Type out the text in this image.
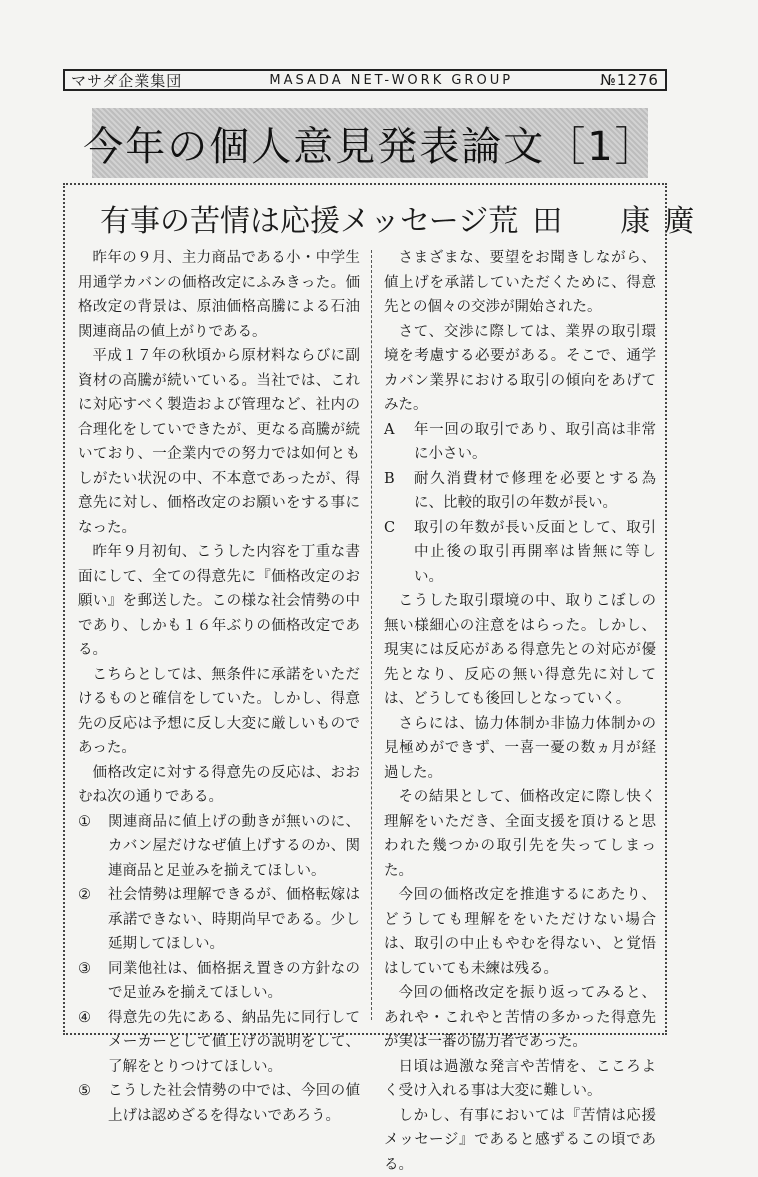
マサダ企業集団	MASADA NET-WORK GROUP	№1276
今年の個人意見発表論文［1］
有事の苦情は応援メッセージ 荒田　康廣

昨年の９月、主力商品である小・中学生用通学カバンの価格改定にふみきった。価格改定の背景は、原油価格高騰による石油関連商品の値上がりである。

平成１７年の秋頃から原材料ならびに副資材の高騰が続いている。当社では、これに対応すべく製造および管理など、社内の合理化をしていできたが、更なる高騰が続いており、一企業内での努力では如何ともしがたい状況の中、不本意であったが、得意先に対し、価格改定のお願いをする事になった。

昨年９月初旬、こうした内容を丁重な書面にして、全ての得意先に『価格改定のお願い』を郵送した。この様な社会情勢の中であり、しかも１６年ぶりの価格改定である。

こちらとしては、無条件に承諾をいただけるものと確信をしていた。しかし、得意先の反応は予想に反し大変に厳しいものであった。

価格改定に対する得意先の反応は、おおむね次の通りである。

①	関連商品に値上げの動きが無いのに、カバン屋だけなぜ値上げするのか、関連商品と足並みを揃えてほしい。
②	社会情勢は理解できるが、価格転嫁は承諾できない、時期尚早である。少し延期してほしい。
③	同業他社は、価格据え置きの方針なので足並みを揃えてほしい。
④	得意先の先にある、納品先に同行してメーカーとして値上げの説明をして、了解をとりつけてほしい。
⑤	こうした社会情勢の中では、今回の値上げは認めざるを得ないであろう。

さまざまな、要望をお聞きしながら、値上げを承諾していただくために、得意先との個々の交渉が開始された。

さて、交渉に際しては、業界の取引環境を考慮する必要がある。そこで、通学カバン業界における取引の傾向をあげてみた。

A	年一回の取引であり、取引高は非常に小さい。
B	耐久消費材で修理を必要とする為に、比較的取引の年数が長い。
C	取引の年数が長い反面として、取引中止後の取引再開率は皆無に等しい。

こうした取引環境の中、取りこぼしの無い様細心の注意をはらった。しかし、現実には反応がある得意先との対応が優先となり、反応の無い得意先に対しては、どうしても後回しとなっていく。

さらには、協力体制か非協力体制かの見極めができず、一喜一憂の数ヵ月が経過した。

その結果として、価格改定に際し快く理解をいただき、全面支援を頂けると思われた幾つかの取引先を失ってしまった。

今回の価格改定を推進するにあたり、どうしても理解ををいただけない場合は、取引の中止もやむを得ない、と覚悟はしていても未練は残る。

今回の価格改定を振り返ってみると、あれや・これやと苦情の多かった得意先が実は一番の協力者であった。

日頃は過激な発言や苦情を、こころよく受け入れる事は大変に難しい。

しかし、有事においては『苦情は応援メッセージ』であると感ずるこの頃である。
